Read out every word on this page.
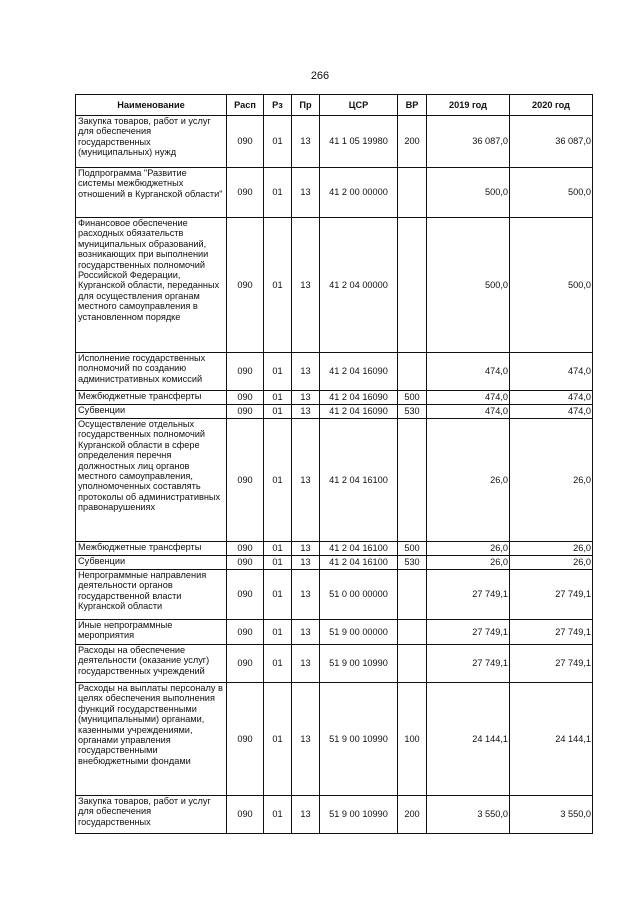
266
Наименование	Расп	Рз	Пр	ЦСР	ВР	2019 год	2020 год

Закупка товаров, работ и услуг для обеспечения государственных (муниципальных) нужд	090	01	13	41 1 05 19980	200	36 087,0	36 087,0

Подпрограмма "Развитие системы межбюджетных отношений в Курганской области"	090	01	13	41 2 00 00000		500,0	500,0

Финансовое обеспечение расходных обязательств муниципальных образований, возникающих при выполнении государственных полномочий Российской Федерации, Курганской области, переданных для осуществления органам местного самоуправления в установленном порядке	090	01	13	41 2 04 00000		500,0	500,0

Исполнение государственных полномочий по созданию административных комиссий	090	01	13	41 2 04 16090		474,0	474,0

Межбюджетные трансферты	090	01	13	41 2 04 16090	500	474,0	474,0

Субвенции	090	01	13	41 2 04 16090	530	474,0	474,0

Осуществление отдельных государственных полномочий Курганской области в сфере определения перечня должностных лиц органов местного самоуправления, уполномоченных составлять протоколы об административных правонарушениях	090	01	13	41 2 04 16100		26,0	26,0

Межбюджетные трансферты	090	01	13	41 2 04 16100	500	26,0	26,0

Субвенции	090	01	13	41 2 04 16100	530	26,0	26,0

Непрограммные направления деятельности органов государственной власти Курганской области	090	01	13	51 0 00 00000		27 749,1	27 749,1

Иные непрограммные мероприятия	090	01	13	51 9 00 00000		27 749,1	27 749,1

Расходы на обеспечение деятельности (оказание услуг) государственных учреждений	090	01	13	51 9 00 10990		27 749,1	27 749,1

Расходы на выплаты персоналу в целях обеспечения выполнения функций государственными (муниципальными) органами, казенными учреждениями, органами управления государственными внебюджетными фондами	090	01	13	51 9 00 10990	100	24 144,1	24 144,1

Закупка товаров, работ и услуг для обеспечения государственных	090	01	13	51 9 00 10990	200	3 550,0	3 550,0
